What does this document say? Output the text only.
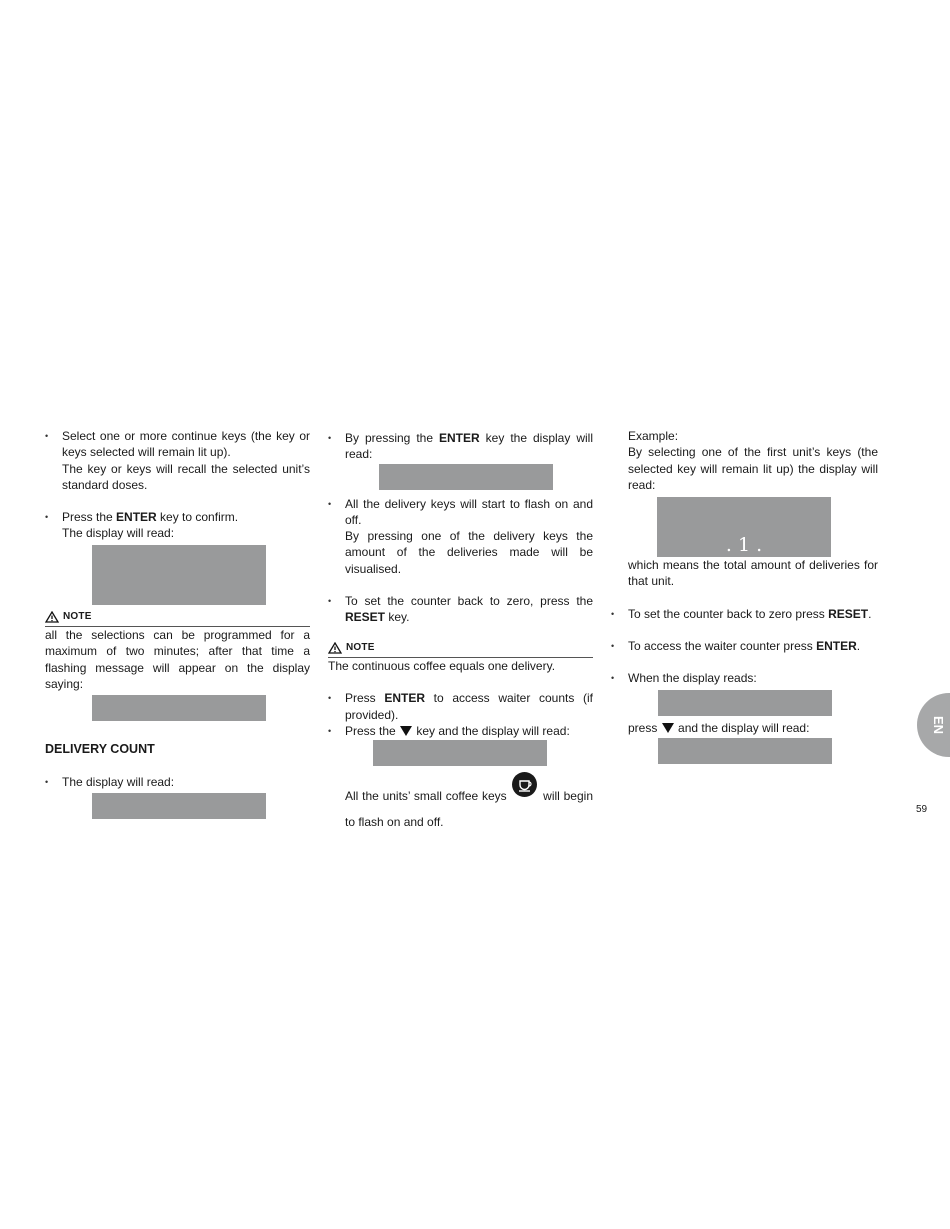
• Select one or more continue keys (the key or keys selected will remain lit up).
The key or keys will recall the selected unit’s standard doses.
• Press the ENTER key to confirm.
The display will read:
NOTE
all the selections can be programmed for a maximum of two minutes; after that time a flashing message will appear on the display saying:
DELIVERY COUNT
• The display will read:
• By pressing the ENTER key the display will read:
• All the delivery keys will start to flash on and off.
By pressing one of the delivery keys the amount of the deliveries made will be visualised.
• To set the counter back to zero, press the RESET key.
NOTE
The continuous coffee equals one delivery.
• Press ENTER to access waiter counts (if provided).
• Press the  key and the display will read:
All the units’ small coffee keys
will begin to flash on and off.
Example:
By selecting one of the first unit’s keys (the selected key will remain lit up) the display will read:
. 1 .
which means the total amount of deliveries for that unit.
• To set the counter back to zero press RESET.
• To access the waiter counter press ENTER.
• When the display reads:
press  and the display will read:	EN
59
